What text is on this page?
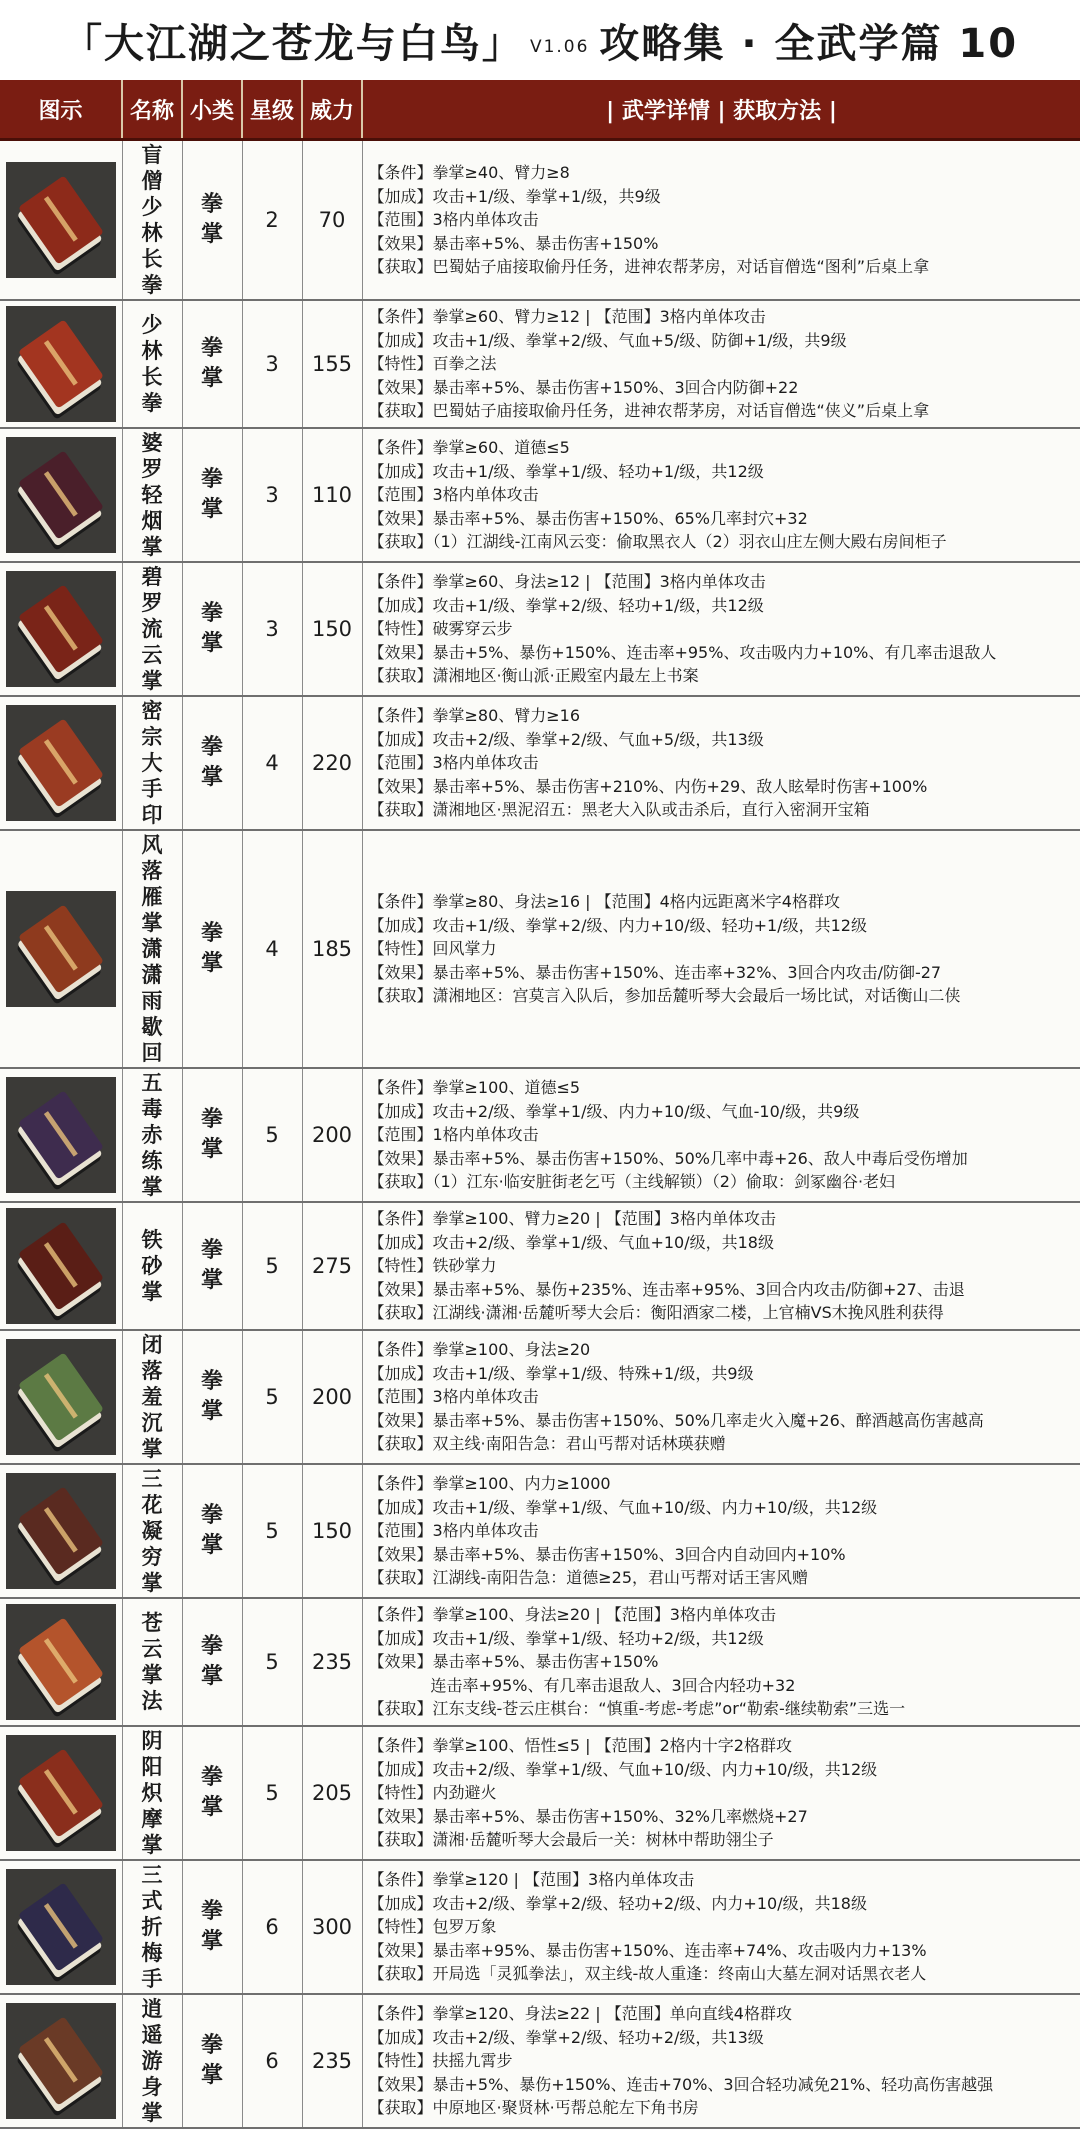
「大江湖之苍龙与白鸟」 V1.06 攻略集 · 全武学篇 10
图示	名称	小类	星级	威力	| 武学详情 | 获取方法 |

	盲僧少林长拳	拳掌	2	70	【条件】拳掌≥40、臂力≥8
【加成】攻击+1/级、拳掌+1/级，共9级
【范围】3格内单体攻击
【效果】暴击率+5%、暴击伤害+150%
【获取】巴蜀姑子庙接取偷丹任务，进神农帮茅房，对话盲僧选“图利”后桌上拿

	少林长拳	拳掌	3	155	【条件】拳掌≥60、臂力≥12 | 【范围】3格内单体攻击
【加成】攻击+1/级、拳掌+2/级、气血+5/级、防御+1/级，共9级
【特性】百拳之法
【效果】暴击率+5%、暴击伤害+150%、3回合内防御+22
【获取】巴蜀姑子庙接取偷丹任务，进神农帮茅房，对话盲僧选“侠义”后桌上拿

	婆罗轻烟掌	拳掌	3	110	【条件】拳掌≥60、道德≤5
【加成】攻击+1/级、拳掌+1/级、轻功+1/级，共12级
【范围】3格内单体攻击
【效果】暴击率+5%、暴击伤害+150%、65%几率封穴+32
【获取】（1）江湖线-江南风云变：偷取黑衣人（2）羽衣山庄左侧大殿右房间柜子

	碧罗流云掌	拳掌	3	150	【条件】拳掌≥60、身法≥12 | 【范围】3格内单体攻击
【加成】攻击+1/级、拳掌+2/级、轻功+1/级，共12级
【特性】破雾穿云步
【效果】暴击+5%、暴伤+150%、连击率+95%、攻击吸内力+10%、有几率击退敌人
【获取】潇湘地区·衡山派·正殿室内最左上书案

	密宗大手印	拳掌	4	220	【条件】拳掌≥80、臂力≥16
【加成】攻击+2/级、拳掌+2/级、气血+5/级，共13级
【范围】3格内单体攻击
【效果】暴击率+5%、暴击伤害+210%、内伤+29、敌人眩晕时伤害+100%
【获取】潇湘地区·黑泥沼五：黑老大入队或击杀后，直行入密洞开宝箱

	风落雁掌潇潇雨歇回	拳掌	4	185	【条件】拳掌≥80、身法≥16 | 【范围】4格内远距离米字4格群攻
【加成】攻击+1/级、拳掌+2/级、内力+10/级、轻功+1/级，共12级
【特性】回风掌力
【效果】暴击率+5%、暴击伤害+150%、连击率+32%、3回合内攻击/防御-27
【获取】潇湘地区：宫莫言入队后，参加岳麓听琴大会最后一场比试，对话衡山二侠

	五毒赤练掌	拳掌	5	200	【条件】拳掌≥100、道德≤5
【加成】攻击+2/级、拳掌+1/级、内力+10/级、气血-10/级，共9级
【范围】1格内单体攻击
【效果】暴击率+5%、暴击伤害+150%、50%几率中毒+26、敌人中毒后受伤增加
【获取】（1）江东·临安脏街老乞丐（主线解锁）（2）偷取：剑冢幽谷·老妇

	铁砂掌	拳掌	5	275	【条件】拳掌≥100、臂力≥20 | 【范围】3格内单体攻击
【加成】攻击+2/级、拳掌+1/级、气血+10/级，共18级
【特性】铁砂掌力
【效果】暴击率+5%、暴伤+235%、连击率+95%、3回合内攻击/防御+27、击退
【获取】江湖线·潇湘·岳麓听琴大会后：衡阳酒家二楼，上官楠VS木挽风胜利获得

	闭落羞沉掌	拳掌	5	200	【条件】拳掌≥100、身法≥20
【加成】攻击+1/级、拳掌+1/级、特殊+1/级，共9级
【范围】3格内单体攻击
【效果】暴击率+5%、暴击伤害+150%、50%几率走火入魔+26、醉酒越高伤害越高
【获取】双主线·南阳告急：君山丐帮对话林瑛获赠

	三花凝穷掌	拳掌	5	150	【条件】拳掌≥100、内力≥1000
【加成】攻击+1/级、拳掌+1/级、气血+10/级、内力+10/级，共12级
【范围】3格内单体攻击
【效果】暴击率+5%、暴击伤害+150%、3回合内自动回内+10%
【获取】江湖线-南阳告急：道德≥25，君山丐帮对话王害风赠

	苍云掌法	拳掌	5	235	【条件】拳掌≥100、身法≥20 | 【范围】3格内单体攻击
【加成】攻击+1/级、拳掌+1/级、轻功+2/级，共12级
【效果】暴击率+5%、暴击伤害+150%
连击率+95%、有几率击退敌人、3回合内轻功+32
【获取】江东支线-苍云庄棋台：“慎重-考虑-考虑”or“勒索-继续勒索”三选一

	阴阳炽摩掌	拳掌	5	205	【条件】拳掌≥100、悟性≤5 | 【范围】2格内十字2格群攻
【加成】攻击+2/级、拳掌+1/级、气血+10/级、内力+10/级，共12级
【特性】内劲避火
【效果】暴击率+5%、暴击伤害+150%、32%几率燃烧+27
【获取】潇湘·岳麓听琴大会最后一关：树林中帮助翎尘子

	三式折梅手	拳掌	6	300	【条件】拳掌≥120 | 【范围】3格内单体攻击
【加成】攻击+2/级、拳掌+2/级、轻功+2/级、内力+10/级，共18级
【特性】包罗万象
【效果】暴击率+95%、暴击伤害+150%、连击率+74%、攻击吸内力+13%
【获取】开局选「灵狐拳法」，双主线-故人重逢：终南山大墓左洞对话黑衣老人

	逍遥游身掌	拳掌	6	235	【条件】拳掌≥120、身法≥22 | 【范围】单向直线4格群攻
【加成】攻击+2/级、拳掌+2/级、轻功+2/级，共13级
【特性】扶摇九霄步
【效果】暴击+5%、暴伤+150%、连击+70%、3回合轻功减免21%、轻功高伤害越强
【获取】中原地区·聚贤林·丐帮总舵左下角书房
